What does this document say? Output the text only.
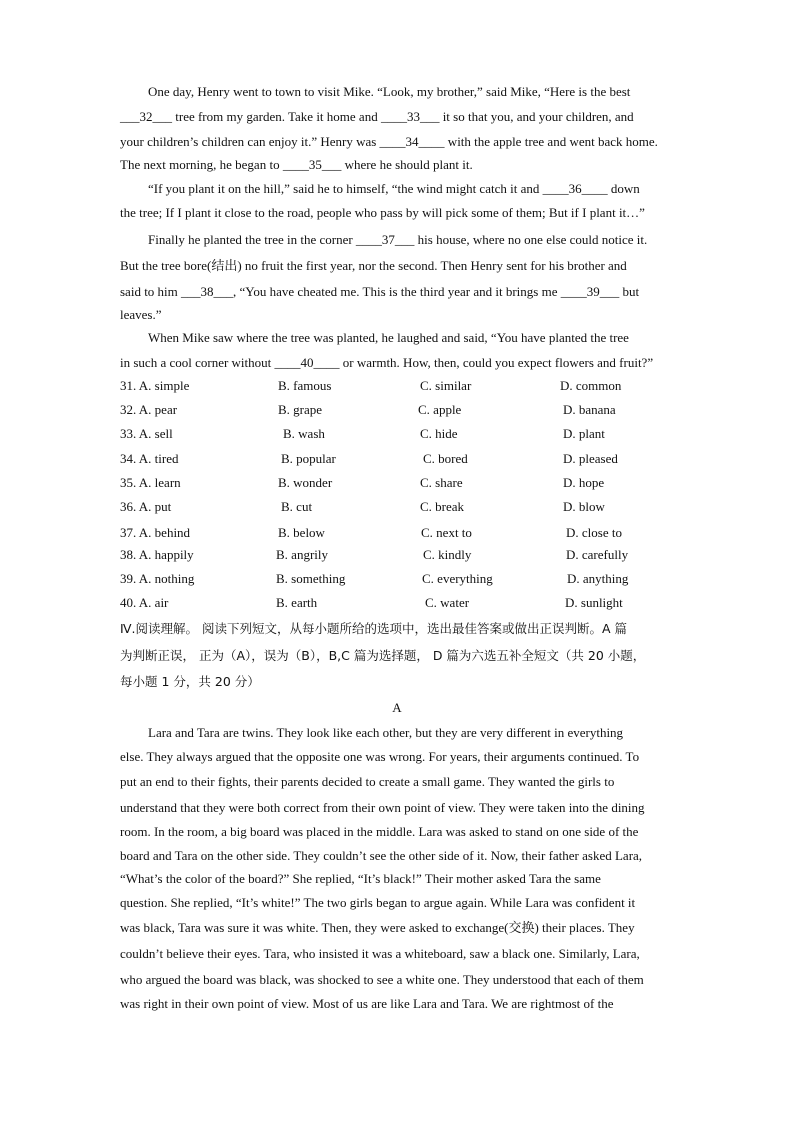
One day, Henry went to town to visit Mike. “Look, my brother,” said Mike, “Here is the best
___32___ tree from my garden. Take it home and ____33___ it so that you, and your children, and
your children’s children can enjoy it.” Henry was ____34____ with the apple tree and went back home.
The next morning, he began to ____35___ where he should plant it.
“If you plant it on the hill,” said he to himself, “the wind might catch it and ____36____ down
the tree; If I plant it close to the road, people who pass by will pick some of them; But if I plant it…”
Finally he planted the tree in the corner ____37___ his house, where no one else could notice it.
But the tree bore(结出) no fruit the first year, nor the second. Then Henry sent for his brother and
said to him ___38___, “You have cheated me. This is the third year and it brings me ____39___ but
leaves.”
When Mike saw where the tree was planted, he laughed and said, “You have planted the tree
in such a cool corner without ____40____ or warmth. How, then, could you expect flowers and fruit?”
31. A. simple	B. famous	C. similar	D. common
32. A. pear	B. grape	C. apple	D. banana
33. A. sell	B. wash	C. hide	D. plant
34. A. tired	B. popular	C. bored	D. pleased
35. A. learn	B. wonder	C. share	D. hope
36. A. put	B. cut	C. break	D. blow
37. A. behind	B. below	C. next to	D. close to
38. A. happily	B. angrily	C. kindly	D. carefully
39. A. nothing	B. something	C. everything	D. anything
40. A. air	B. earth	C. water	D. sunlight
Ⅳ.阅读理解。 阅读下列短文，从每小题所给的选项中，选出最佳答案或做出正误判断。A 篇
为判断正误， 正为（A），误为（B），B,C 篇为选择题， D 篇为六选五补全短文（共 20 小题，
每小题 1 分，共 20 分）
A
Lara and Tara are twins. They look like each other, but they are very different in everything
else. They always argued that the opposite one was wrong. For years, their arguments continued. To
put an end to their fights, their parents decided to create a small game. They wanted the girls to
understand that they were both correct from their own point of view. They were taken into the dining
room. In the room, a big board was placed in the middle. Lara was asked to stand on one side of the
board and Tara on the other side. They couldn’t see the other side of it. Now, their father asked Lara,
“What’s the color of the board?” She replied, “It’s black!” Their mother asked Tara the same
question. She replied, “It’s white!” The two girls began to argue again. While Lara was confident it
was black, Tara was sure it was white. Then, they were asked to exchange(交换) their places. They
couldn’t believe their eyes. Tara, who insisted it was a whiteboard, saw a black one. Similarly, Lara,
who argued the board was black, was shocked to see a white one. They understood that each of them
was right in their own point of view. Most of us are like Lara and Tara. We are rightmost of the
